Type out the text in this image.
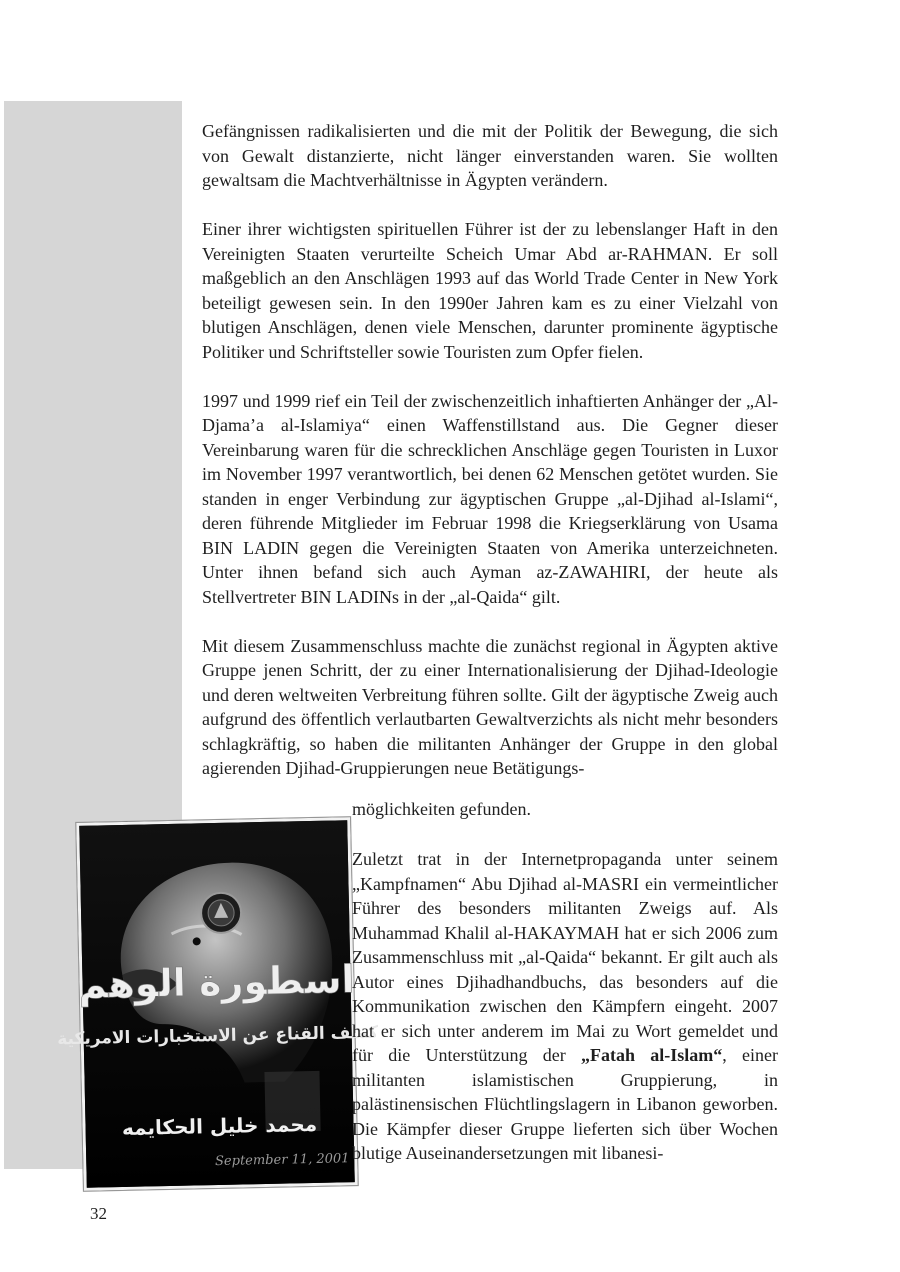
Gefängnissen radikalisierten und die mit der Politik der Bewegung, die sich von Gewalt distanzierte, nicht länger einverstanden waren. Sie wollten gewaltsam die Machtverhältnisse in Ägypten verändern.

Einer ihrer wichtigsten spirituellen Führer ist der zu lebenslanger Haft in den Vereinigten Staaten verurteilte Scheich Umar Abd ar-RAHMAN. Er soll maßgeblich an den Anschlägen 1993 auf das World Trade Center in New York beteiligt gewesen sein. In den 1990er Jahren kam es zu einer Vielzahl von blutigen Anschlägen, denen viele Menschen, darunter prominente ägyptische Politiker und Schriftsteller sowie Touristen zum Opfer fielen.

1997 und 1999 rief ein Teil der zwischenzeitlich inhaftierten Anhänger der „Al-Djama’a al-Islamiya“ einen Waffenstillstand aus. Die Gegner dieser Vereinbarung waren für die schrecklichen Anschläge gegen Touristen in Luxor im November 1997 verantwortlich, bei denen 62 Menschen getötet wurden. Sie standen in enger Verbindung zur ägyptischen Gruppe „al-Djihad al-Islami“, deren führende Mitglieder im Februar 1998 die Kriegserklärung von Usama BIN LADIN gegen die Vereinigten Staaten von Amerika unterzeichneten. Unter ihnen befand sich auch Ayman az-ZAWAHIRI, der heute als Stellvertreter BIN LADINs in der „al-Qaida“ gilt.

Mit diesem Zusammenschluss machte die zunächst regional in Ägypten aktive Gruppe jenen Schritt, der zu einer Internationalisierung der Djihad-Ideologie und deren weltweiten Verbreitung führen sollte. Gilt der ägyptische Zweig auch aufgrund des öffentlich verlautbarten Gewaltverzichts als nicht mehr besonders schlagkräftig, so haben die militanten Anhänger der Gruppe in den global agierenden Djihad-Gruppierungen neue Betätigungs-

möglichkeiten gefunden.
اسطورة الوهم
كشف القناع عن الاستخبارات الامريكية
محمد خليل الحكايمه
September 11, 2001

Zuletzt trat in der Internetpropaganda unter seinem „Kampfnamen“ Abu Djihad al-MASRI ein vermeintlicher Führer des besonders militanten Zweigs auf. Als Muhammad Khalil al-HAKAYMAH hat er sich 2006 zum Zusammenschluss mit „al-Qaida“ bekannt. Er gilt auch als Autor eines Djihadhandbuchs, das besonders auf die Kommunikation zwischen den Kämpfern eingeht. 2007 hat er sich unter anderem im Mai zu Wort gemeldet und für die Unterstützung der „Fatah al-Islam“, einer militanten islamistischen Gruppierung, in palästinensischen Flüchtlingslagern in Libanon geworben. Die Kämpfer dieser Gruppe lieferten sich über Wochen blutige Auseinandersetzungen mit libanesi-

32
